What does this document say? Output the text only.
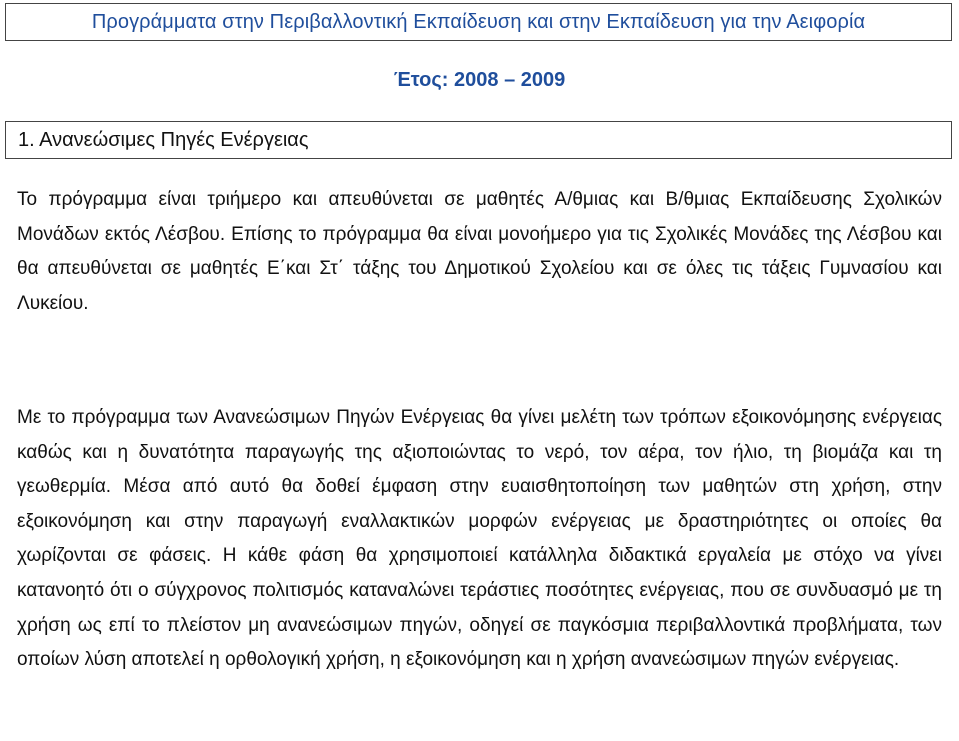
Προγράμματα στην Περιβαλλοντική Εκπαίδευση και στην Εκπαίδευση για την Αειφορία
Έτος: 2008 – 2009
1. Ανανεώσιμες Πηγές Ενέργειας

Το πρόγραμμα είναι τριήμερο και απευθύνεται σε μαθητές Α/θμιας και Β/θμιας Εκπαίδευσης Σχολικών Μονάδων εκτός Λέσβου. Επίσης το πρόγραμμα θα είναι μονοήμερο για τις Σχολικές Μονάδες της Λέσβου και θα απευθύνεται σε μαθητές Ε΄και Στ΄ τάξης του Δημοτικού Σχολείου και σε όλες τις τάξεις Γυμνασίου και Λυκείου.

Με το πρόγραμμα των Ανανεώσιμων Πηγών Ενέργειας θα γίνει μελέτη των τρόπων εξοικονόμησης ενέργειας καθώς και η δυνατότητα παραγωγής της αξιοποιώντας το νερό, τον αέρα, τον ήλιο, τη βιομάζα και τη γεωθερμία. Μέσα από αυτό θα δοθεί έμφαση στην ευαισθητοποίηση των μαθητών στη χρήση, στην εξοικονόμηση και στην παραγωγή εναλλακτικών μορφών ενέργειας με δραστηριότητες οι οποίες θα χωρίζονται σε φάσεις. Η κάθε φάση θα χρησιμοποιεί κατάλληλα διδακτικά εργαλεία με στόχο να γίνει κατανοητό ότι ο σύγχρονος πολιτισμός καταναλώνει τεράστιες ποσότητες ενέργειας, που σε συνδυασμό με τη χρήση ως επί το πλείστον μη ανανεώσιμων πηγών, οδηγεί σε παγκόσμια περιβαλλοντικά προβλήματα, των οποίων λύση αποτελεί η ορθολογική χρήση, η εξοικονόμηση και η χρήση ανανεώσιμων πηγών ενέργειας.
